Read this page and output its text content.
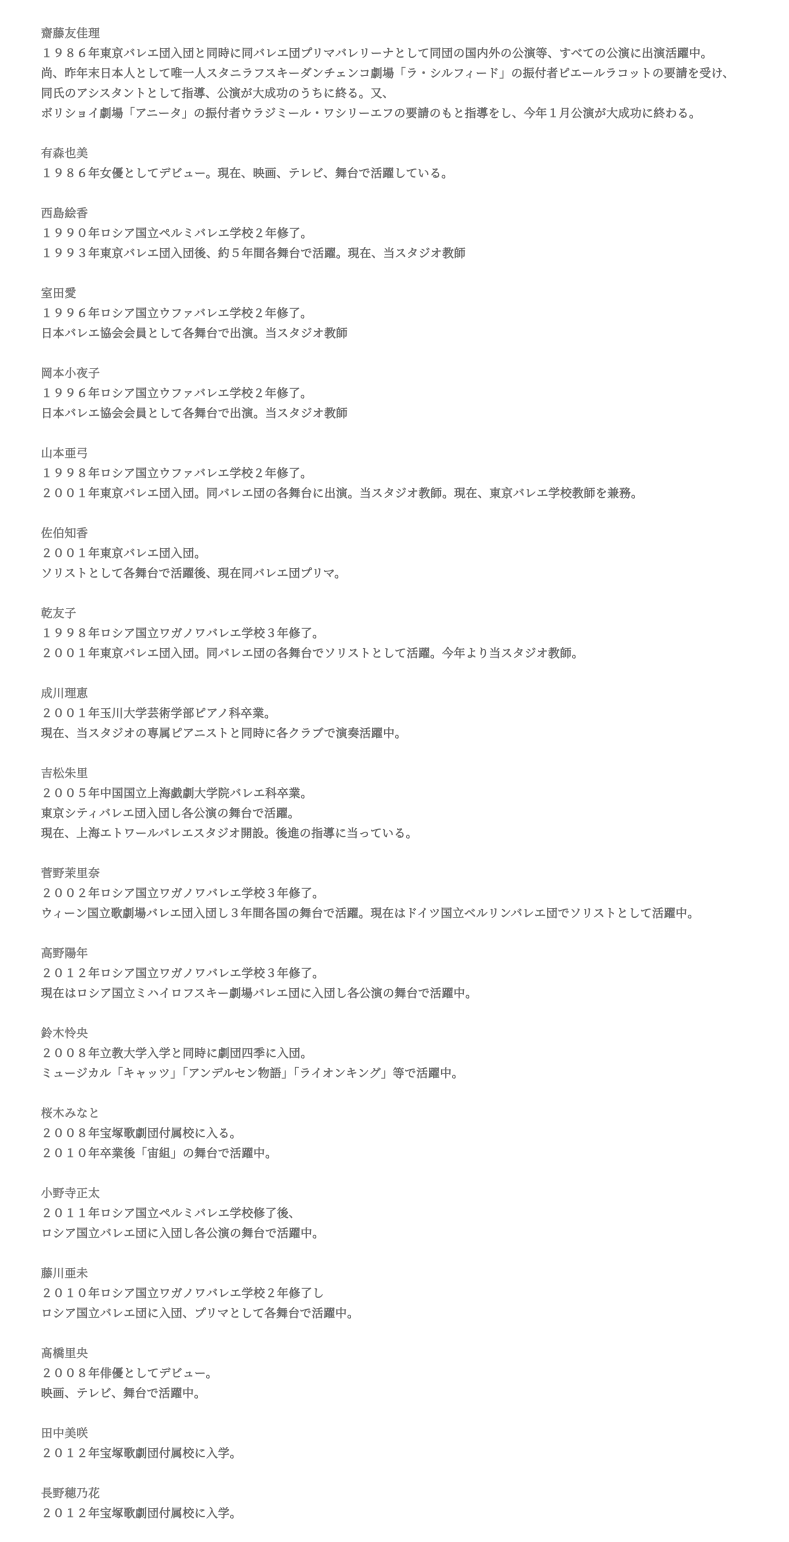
齋藤友佳理
１９８６年東京バレエ団入団と同時に同バレエ団プリマバレリーナとして同団の国内外の公演等、すべての公演に出演活躍中。
尚、昨年末日本人として唯一人スタニラフスキーダンチェンコ劇場「ラ・シルフィード」の振付者ピエールラコットの要請を受け、
同氏のアシスタントとして指導、公演が大成功のうちに終る。又、
ボリショイ劇場「アニータ」の振付者ウラジミール・ワシリーエフの要請のもと指導をし、今年１月公演が大成功に終わる。
有森也美
１９８６年女優としてデビュー。現在、映画、テレビ、舞台で活躍している。
西島絵香
１９９０年ロシア国立ペルミバレエ学校２年修了。
１９９３年東京バレエ団入団後、約５年間各舞台で活躍。現在、当スタジオ教師
室田愛
１９９６年ロシア国立ウファバレエ学校２年修了。
日本バレエ協会会員として各舞台で出演。当スタジオ教師
岡本小夜子
１９９６年ロシア国立ウファバレエ学校２年修了。
日本バレエ協会会員として各舞台で出演。当スタジオ教師
山本亜弓
１９９８年ロシア国立ウファバレエ学校２年修了。
２００１年東京バレエ団入団。同バレエ団の各舞台に出演。当スタジオ教師。現在、東京バレエ学校教師を兼務。
佐伯知香
２００１年東京バレエ団入団。
ソリストとして各舞台で活躍後、現在同バレエ団プリマ。
乾友子
１９９８年ロシア国立ワガノワバレエ学校３年修了。
２００１年東京バレエ団入団。同バレエ団の各舞台でソリストとして活躍。今年より当スタジオ教師。
成川理恵
２００１年玉川大学芸術学部ピアノ科卒業。
現在、当スタジオの専属ピアニストと同時に各クラブで演奏活躍中。
吉松朱里
２００５年中国国立上海戯劇大学院バレエ科卒業。
東京シティバレエ団入団し各公演の舞台で活躍。
現在、上海エトワールバレエスタジオ開設。後進の指導に当っている。
菅野茉里奈
２００２年ロシア国立ワガノワバレエ学校３年修了。
ウィーン国立歌劇場バレエ団入団し３年間各国の舞台で活躍。現在はドイツ国立ベルリンバレエ団でソリストとして活躍中。
高野陽年
２０１２年ロシア国立ワガノワバレエ学校３年修了。
現在はロシア国立ミハイロフスキー劇場バレエ団に入団し各公演の舞台で活躍中。
鈴木怜央
２００８年立教大学入学と同時に劇団四季に入団。
ミュージカル「キャッツ」「アンデルセン物語」「ライオンキング」等で活躍中。
桜木みなと
２００８年宝塚歌劇団付属校に入る。
２０１０年卒業後「宙組」の舞台で活躍中。
小野寺正太
２０１１年ロシア国立ペルミバレエ学校修了後、
ロシア国立バレエ団に入団し各公演の舞台で活躍中。
藤川亜未
２０１０年ロシア国立ワガノワバレエ学校２年修了し
ロシア国立バレエ団に入団、プリマとして各舞台で活躍中。
髙橋里央
２００８年俳優としてデビュー。
映画、テレビ、舞台で活躍中。
田中美咲
２０１２年宝塚歌劇団付属校に入学。
長野穂乃花
２０１２年宝塚歌劇団付属校に入学。
